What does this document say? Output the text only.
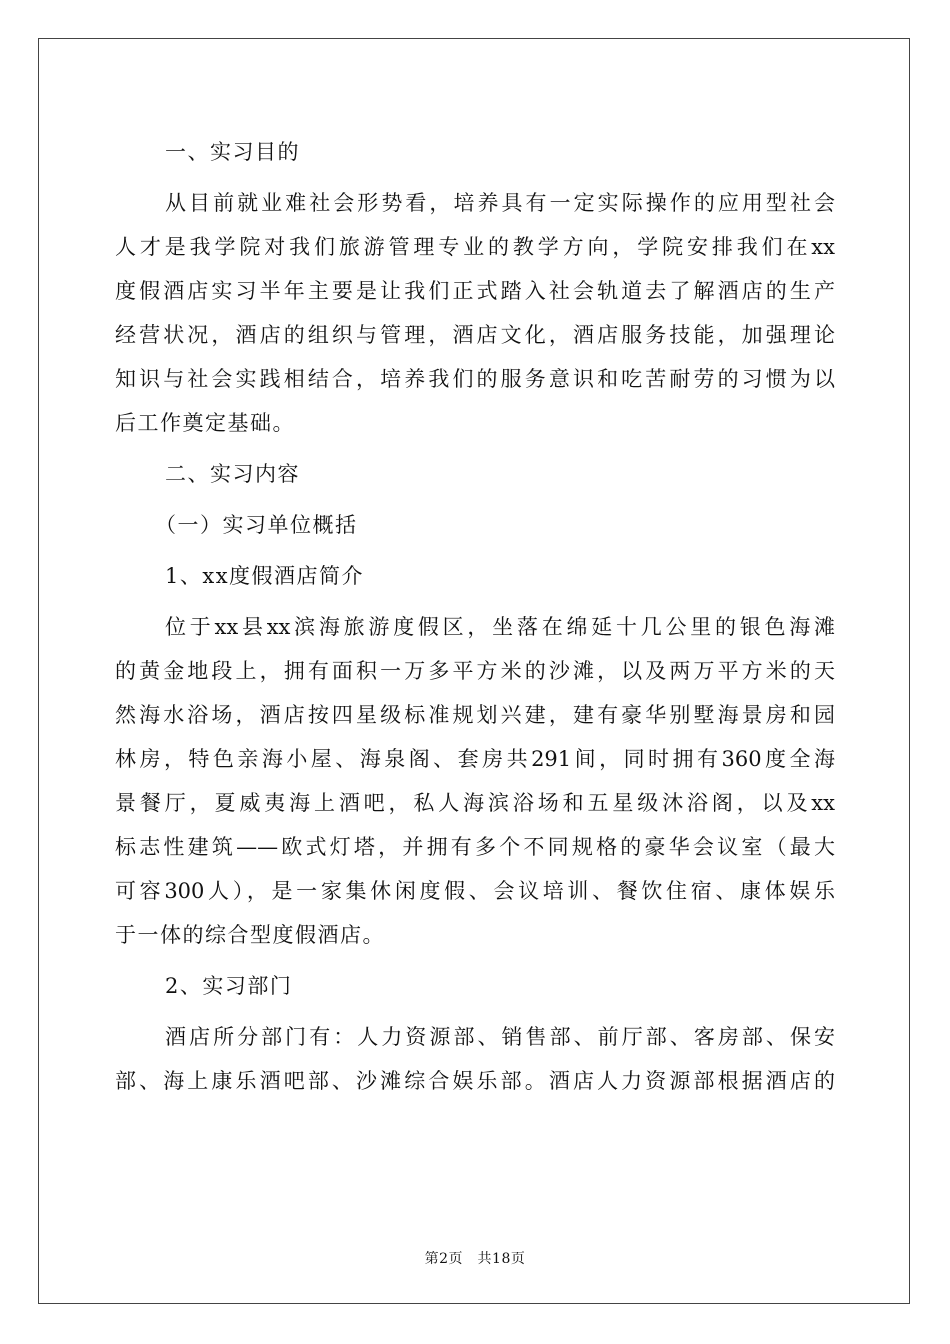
一、实习目的
从目前就业难社会形势看，培养具有一定实际操作的应用型社会
人才是我学院对我们旅游管理专业的教学方向，学院安排我们在xx
度假酒店实习半年主要是让我们正式踏入社会轨道去了解酒店的生产
经营状况，酒店的组织与管理，酒店文化，酒店服务技能，加强理论
知识与社会实践相结合，培养我们的服务意识和吃苦耐劳的习惯为以
后工作奠定基础。
二、实习内容
（一）实习单位概括
1、xx度假酒店简介
位于xx县xx滨海旅游度假区，坐落在绵延十几公里的银色海滩
的黄金地段上，拥有面积一万多平方米的沙滩，以及两万平方米的天
然海水浴场，酒店按四星级标准规划兴建，建有豪华别墅海景房和园
林房，特色亲海小屋、海泉阁、套房共291间，同时拥有360度全海
景餐厅，夏威夷海上酒吧，私人海滨浴场和五星级沐浴阁，以及xx
标志性建筑——欧式灯塔，并拥有多个不同规格的豪华会议室（最大
可容300人），是一家集休闲度假、会议培训、餐饮住宿、康体娱乐
于一体的综合型度假酒店。
2、实习部门
酒店所分部门有：人力资源部、销售部、前厅部、客房部、保安
部、海上康乐酒吧部、沙滩综合娱乐部。酒店人力资源部根据酒店的
第2页　共18页
